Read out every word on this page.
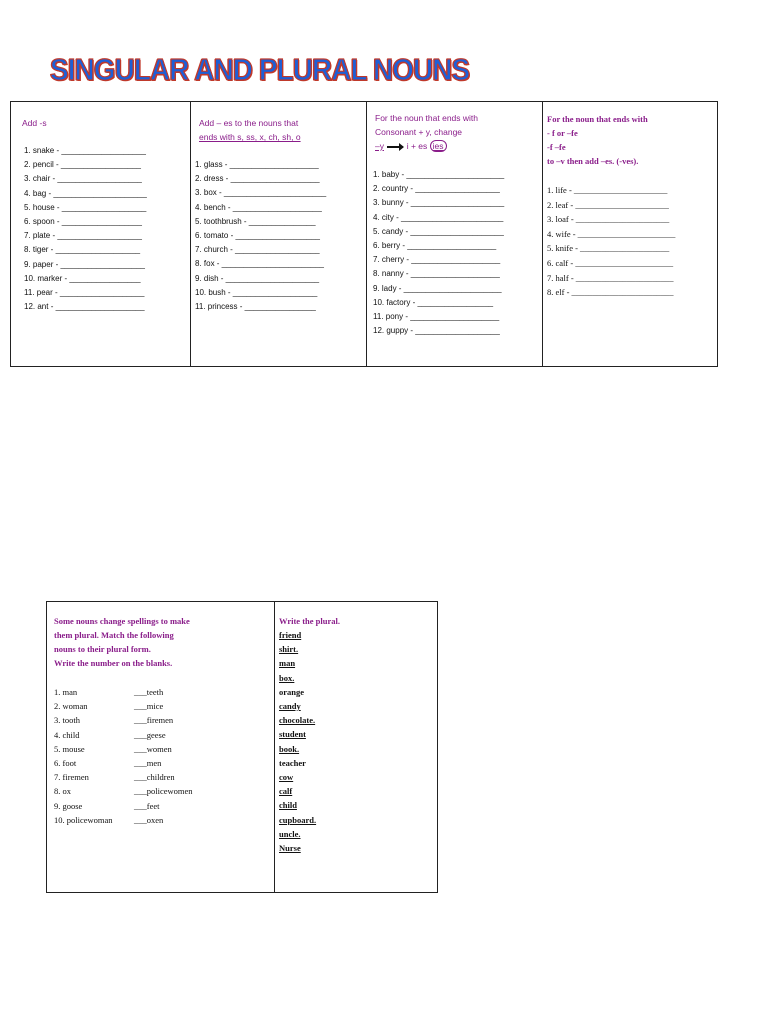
SINGULAR AND PLURAL NOUNS
Add -s
1. snake - ___________________
2. pencil - __________________
3. chair - ___________________
4. bag - _____________________
5. house - ___________________
6. spoon - __________________
7. plate - ___________________
8. tiger - ___________________
9. paper - ___________________
10. marker - ________________
11. pear - ___________________
12. ant - ____________________
Add – es to the nouns that
ends with s, ss, x, ch, sh, o
1. glass - ____________________
2. dress - ____________________
3. box - _______________________
4. bench - ____________________
5. toothbrush - _______________
6. tomato - ___________________
7. church - ___________________
8. fox - _______________________
9. dish - _____________________
10. bush - ___________________
11. princess - ________________
For the noun that ends with
Consonant + y, change
–y	i + es ies
1. baby - ______________________
2. country - ___________________
3. bunny - _____________________
4. city - _______________________
5. candy - _____________________
6. berry - ____________________
7. cherry - ____________________
8. nanny - ____________________
9. lady - ______________________
10. factory - _________________
11. pony - ____________________
12. guppy - ___________________
For the noun that ends with
- f or –fe
-f –fe
to –v then add –es. (-ves).
1. life - ______________________
2. leaf - ______________________
3. loaf - ______________________
4. wife - _______________________
5. knife - _____________________
6. calf - _______________________
7. half - _______________________
8. elf - ________________________
Some nouns change spellings to make
them plural. Match the following
nouns to their plural form.
Write the number on the blanks.
1. man
2. woman
3. tooth
4. child
5. mouse
6. foot
7. firemen
8. ox
9. goose
10. policewoman
___teeth
___mice
___firemen
___geese
___women
___men
___children
___policewomen
___feet
___oxen
Write the plural.
friend
shirt.
man
box.
orange
candy
chocolate.
student
book.
teacher
cow
calf
child
cupboard.
uncle.
Nurse
